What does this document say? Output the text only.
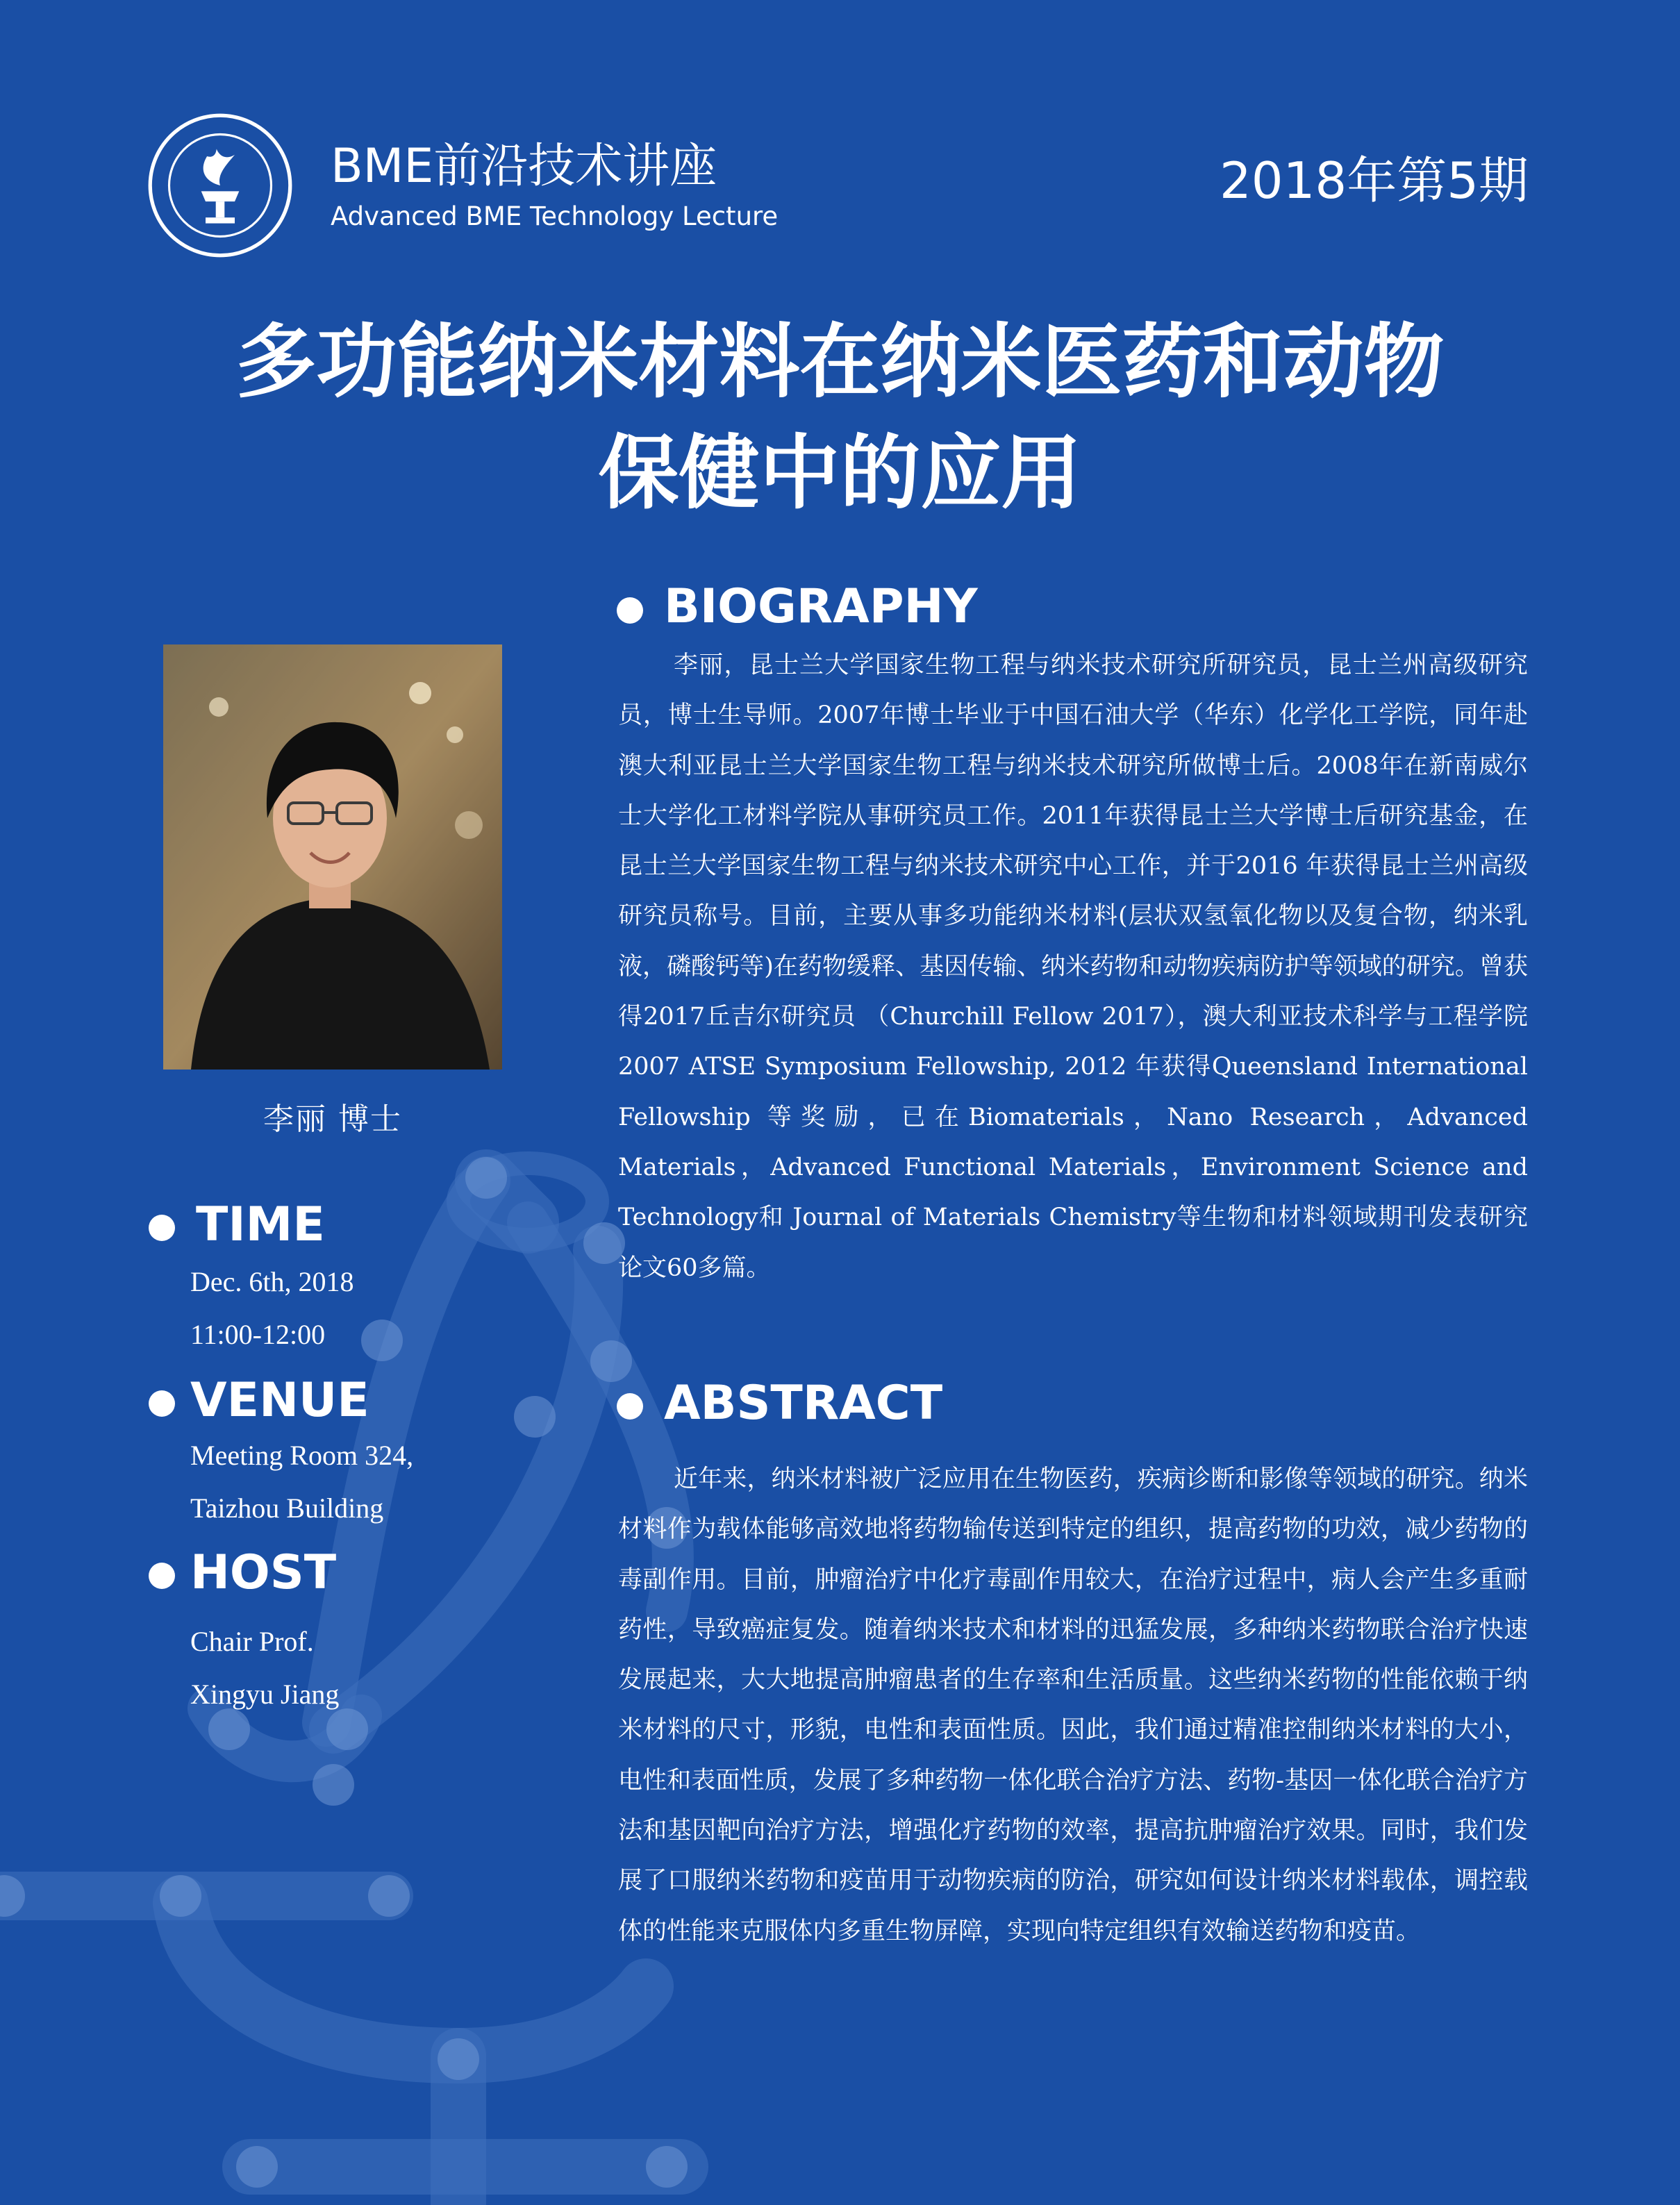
BME前沿技术讲座
Advanced BME Technology Lecture
2018年第5期
多功能纳米材料在纳米医药和动物
保健中的应用
李丽 博士
TIME
Dec. 6th, 2018
11:00-12:00
VENUE
Meeting Room 324,
Taizhou Building
HOST
Chair Prof.
Xingyu Jiang
BIOGRAPHY
李丽，昆士兰大学国家生物工程与纳米技术研究所研究员，昆士兰州高级研究员，博士生导师。2007年博士毕业于中国石油大学（华东）化学化工学院，同年赴澳大利亚昆士兰大学国家生物工程与纳米技术研究所做博士后。2008年在新南威尔士大学化工材料学院从事研究员工作。2011年获得昆士兰大学博士后研究基金，在昆士兰大学国家生物工程与纳米技术研究中心工作，并于2016 年获得昆士兰州高级研究员称号。目前，主要从事多功能纳米材料(层状双氢氧化物以及复合物，纳米乳液，磷酸钙等)在药物缓释、基因传输、纳米药物和动物疾病防护等领域的研究。曾获得2017丘吉尔研究员 （Churchill Fellow 2017），澳大利亚技术科学与工程学院2007 ATSE Symposium Fellowship, 2012 年获得Queensland International Fellowship 等奖励，已在Biomaterials，Nano Research，Advanced Materials，Advanced Functional Materials，Environment Science and Technology和 Journal of Materials Chemistry等生物和材料领域期刊发表研究论文60多篇。
ABSTRACT
近年来，纳米材料被广泛应用在生物医药，疾病诊断和影像等领域的研究。纳米材料作为载体能够高效地将药物输传送到特定的组织，提高药物的功效，减少药物的毒副作用。目前，肿瘤治疗中化疗毒副作用较大，在治疗过程中，病人会产生多重耐药性，导致癌症复发。随着纳米技术和材料的迅猛发展，多种纳米药物联合治疗快速发展起来，大大地提高肿瘤患者的生存率和生活质量。这些纳米药物的性能依赖于纳米材料的尺寸，形貌，电性和表面性质。因此，我们通过精准控制纳米材料的大小，电性和表面性质，发展了多种药物一体化联合治疗方法、药物-基因一体化联合治疗方法和基因靶向治疗方法，增强化疗药物的效率，提高抗肿瘤治疗效果。同时，我们发展了口服纳米药物和疫苗用于动物疾病的防治，研究如何设计纳米材料载体，调控载体的性能来克服体内多重生物屏障，实现向特定组织有效输送药物和疫苗。
